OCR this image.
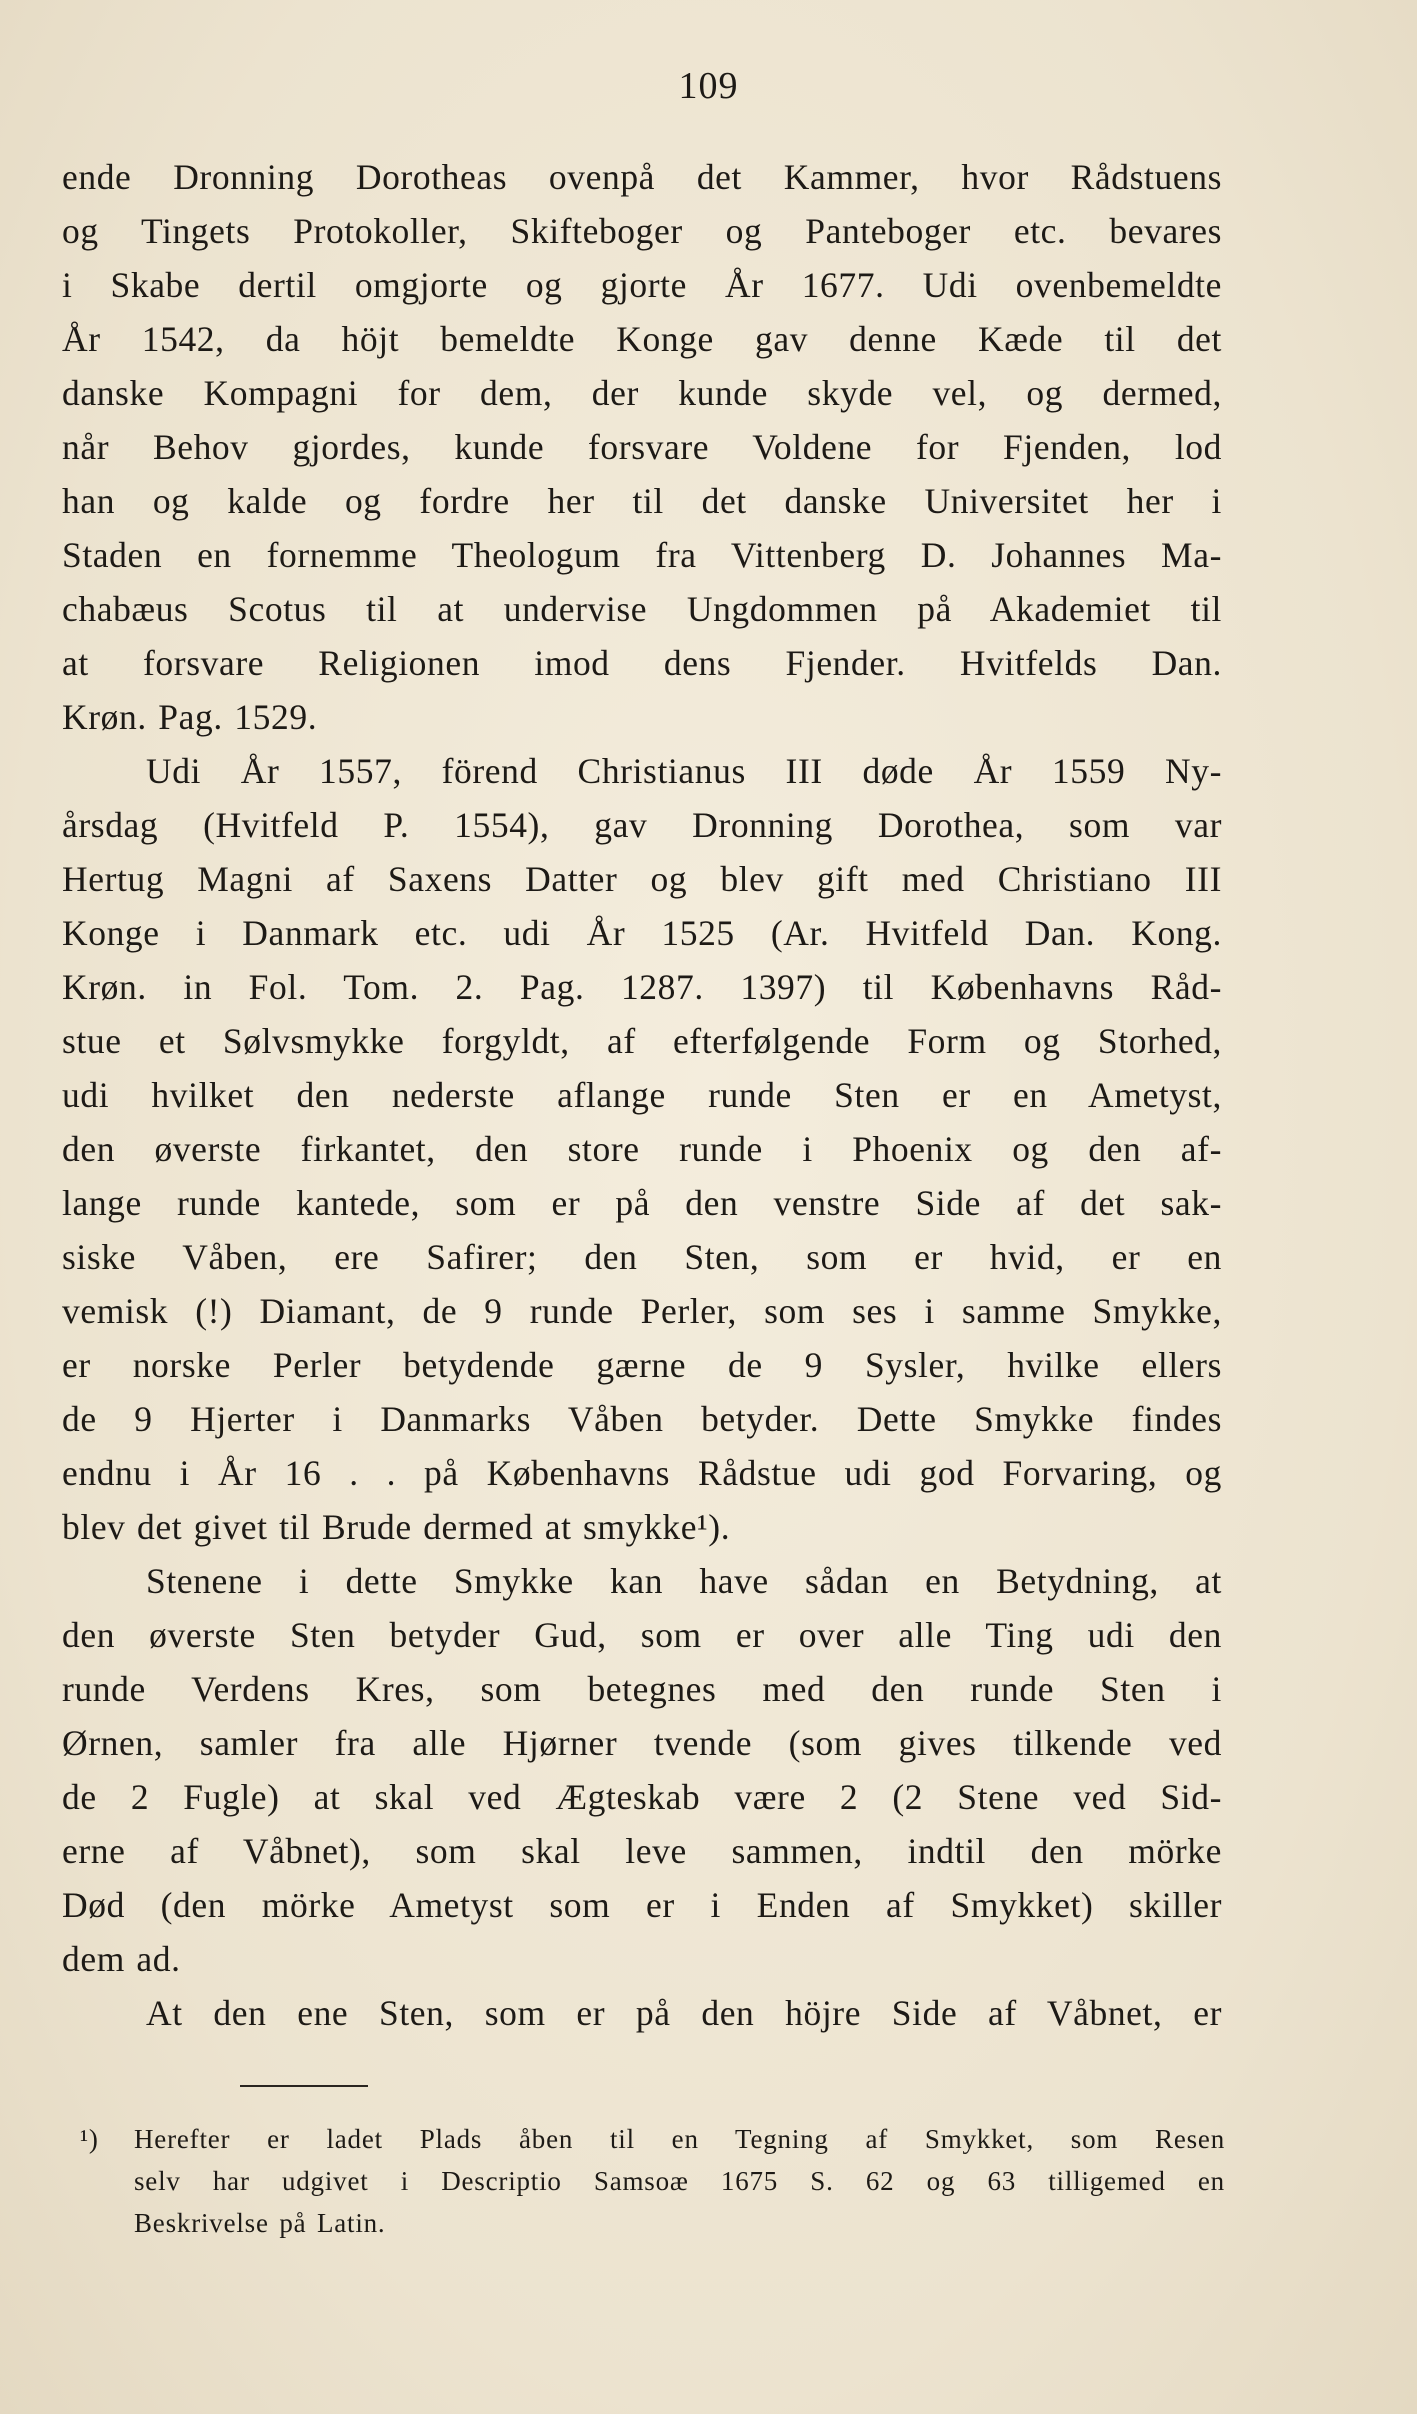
109
ende Dronning Dorotheas ovenpå det Kammer, hvor Rådstuens
og Tingets Protokoller, Skifteboger og Panteboger etc. bevares
i Skabe dertil omgjorte og gjorte År 1677. Udi ovenbemeldte
År 1542, da höjt bemeldte Konge gav denne Kæde til det
danske Kompagni for dem, der kunde skyde vel, og dermed,
når Behov gjordes, kunde forsvare Voldene for Fjenden, lod
han og kalde og fordre her til det danske Universitet her i
Staden en fornemme Theologum fra Vittenberg D. Johannes Ma-
chabæus Scotus til at undervise Ungdommen på Akademiet til
at forsvare Religionen imod dens Fjender. Hvitfelds Dan.
Krøn. Pag. 1529.
Udi År 1557, förend Christianus III døde År 1559 Ny-
årsdag (Hvitfeld P. 1554), gav Dronning Dorothea, som var
Hertug Magni af Saxens Datter og blev gift med Christiano III
Konge i Danmark etc. udi År 1525 (Ar. Hvitfeld Dan. Kong.
Krøn. in Fol. Tom. 2. Pag. 1287. 1397) til Københavns Råd-
stue et Sølvsmykke forgyldt, af efterfølgende Form og Storhed,
udi hvilket den nederste aflange runde Sten er en Ametyst,
den øverste firkantet, den store runde i Phoenix og den af-
lange runde kantede, som er på den venstre Side af det sak-
siske Våben, ere Safirer; den Sten, som er hvid, er en
vemisk (!) Diamant, de 9 runde Perler, som ses i samme Smykke,
er norske Perler betydende gærne de 9 Sysler, hvilke ellers
de 9 Hjerter i Danmarks Våben betyder. Dette Smykke findes
endnu i År 16 . . på Københavns Rådstue udi god Forvaring, og
blev det givet til Brude dermed at smykke¹).
Stenene i dette Smykke kan have sådan en Betydning, at
den øverste Sten betyder Gud, som er over alle Ting udi den
runde Verdens Kres, som betegnes med den runde Sten i
Ørnen, samler fra alle Hjørner tvende (som gives tilkende ved
de 2 Fugle) at skal ved Ægteskab være 2 (2 Stene ved Sid-
erne af Våbnet), som skal leve sammen, indtil den mörke
Død (den mörke Ametyst som er i Enden af Smykket) skiller
dem ad.
At den ene Sten, som er på den höjre Side af Våbnet, er
¹)	Herefter er ladet Plads åben til en Tegning af Smykket, som Resen
selv har udgivet i Descriptio Samsoæ 1675 S. 62 og 63 tilligemed en
Beskrivelse på Latin.
